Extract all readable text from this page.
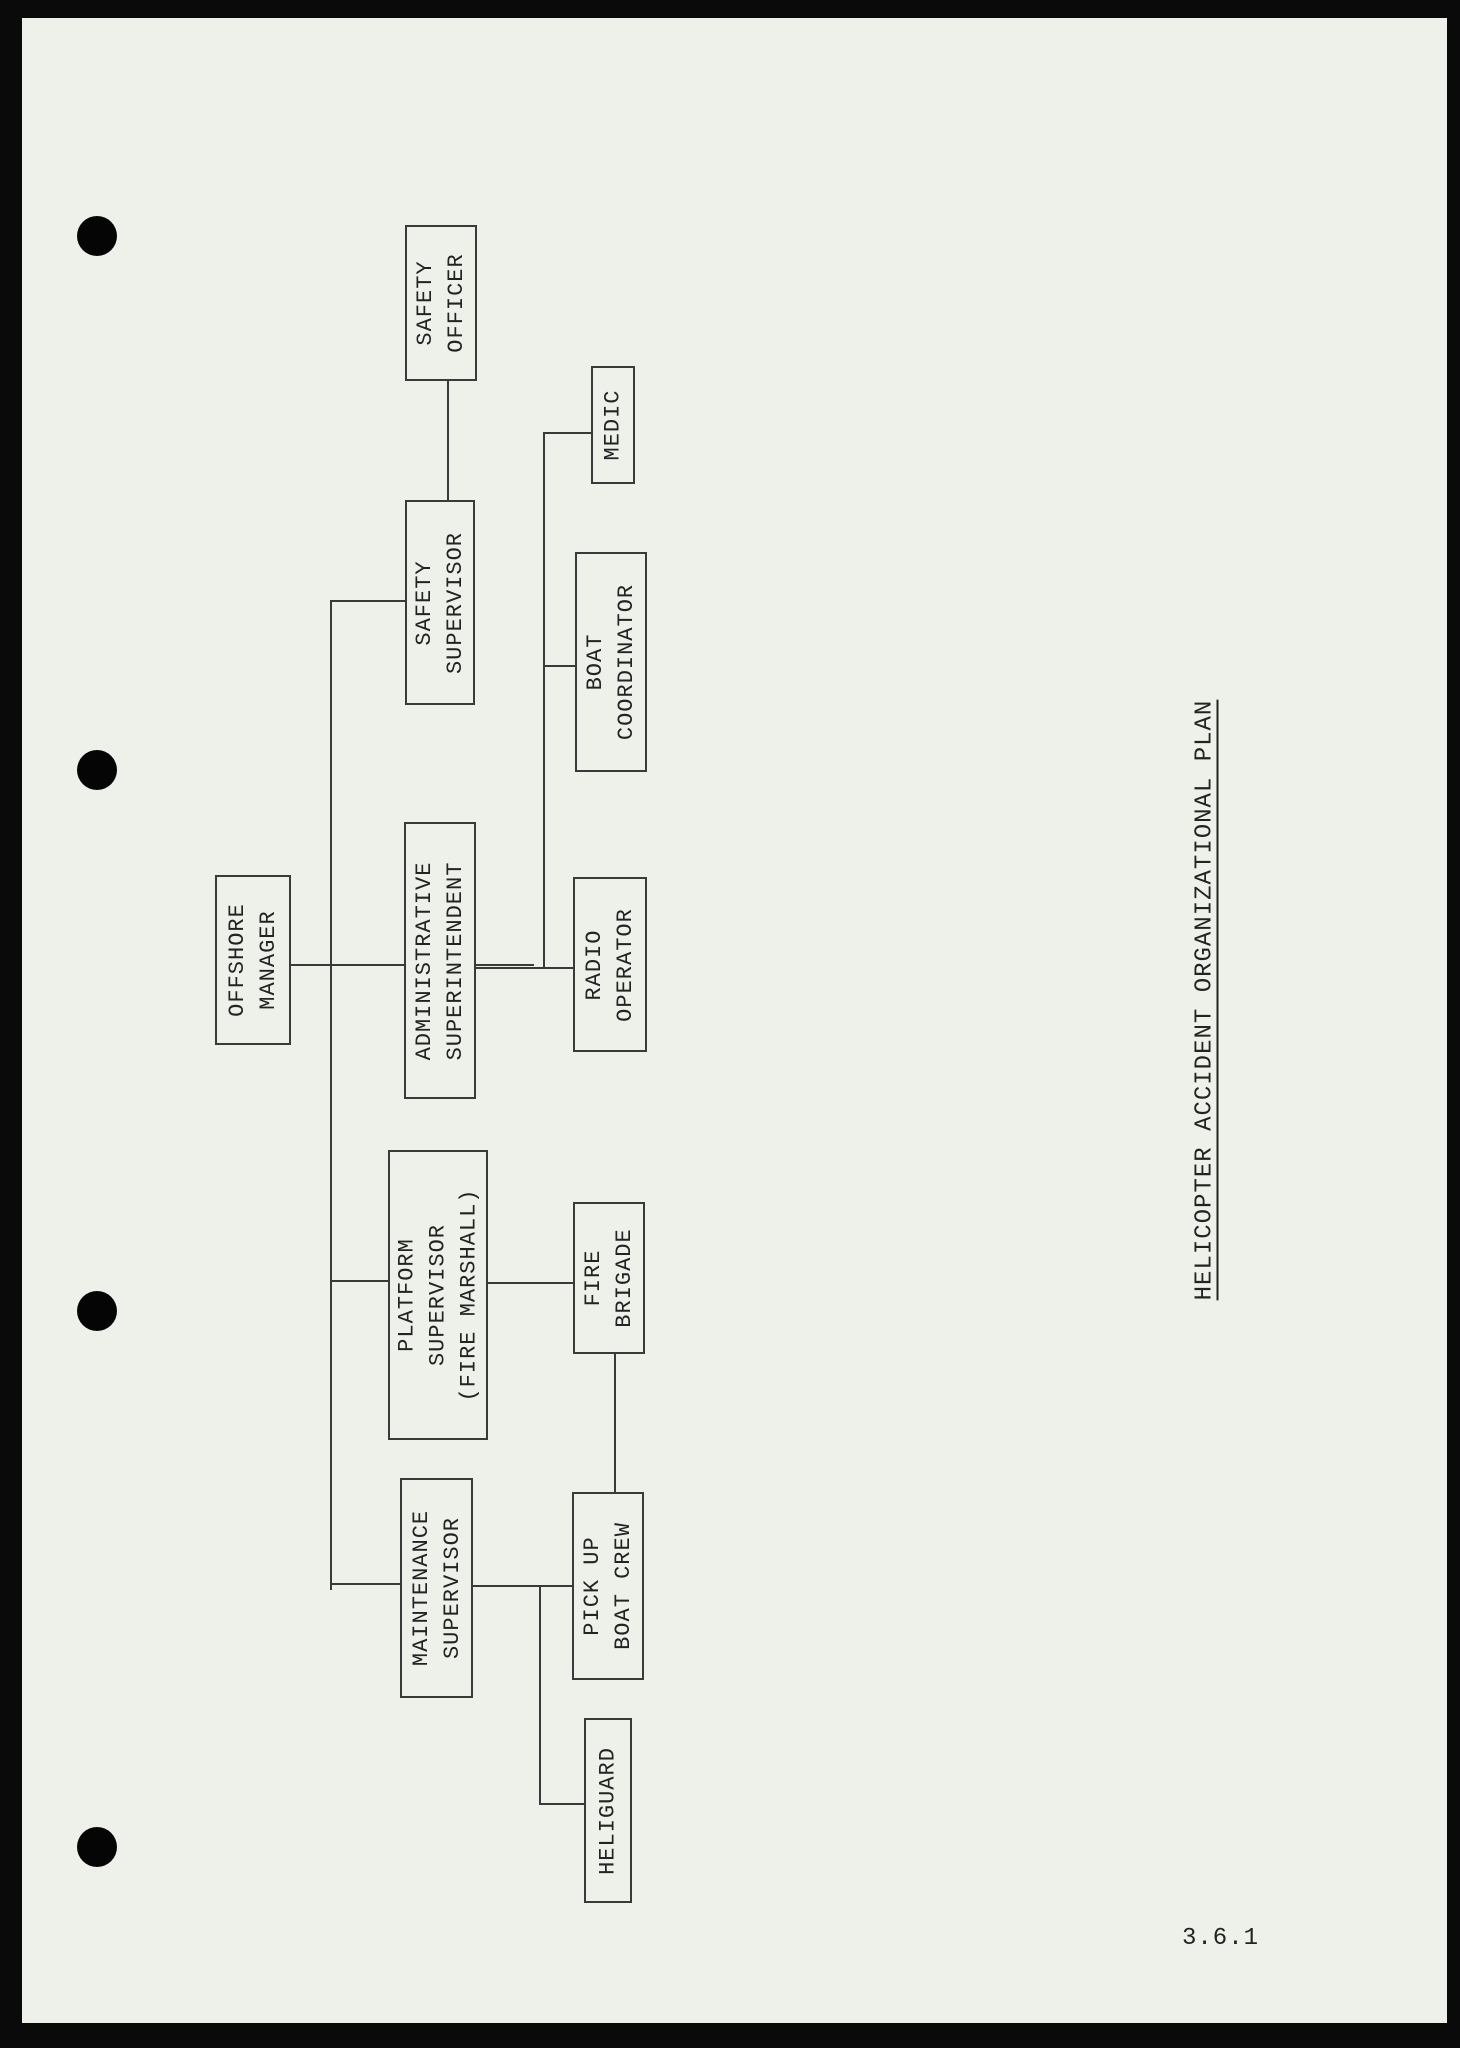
OFFSHORE MANAGER
SAFETY OFFICER
SAFETY SUPERVISOR
ADMINISTRATIVE SUPERINTENDENT
PLATFORM SUPERVISOR (FIRE MARSHALL)
MAINTENANCE SUPERVISOR
MEDIC
BOAT COORDINATOR
RADIO OPERATOR
FIRE BRIGADE
PICK UP BOAT CREW
HELIGUARD
HELICOPTER ACCIDENT ORGANIZATIONAL PLAN
3.6.1
